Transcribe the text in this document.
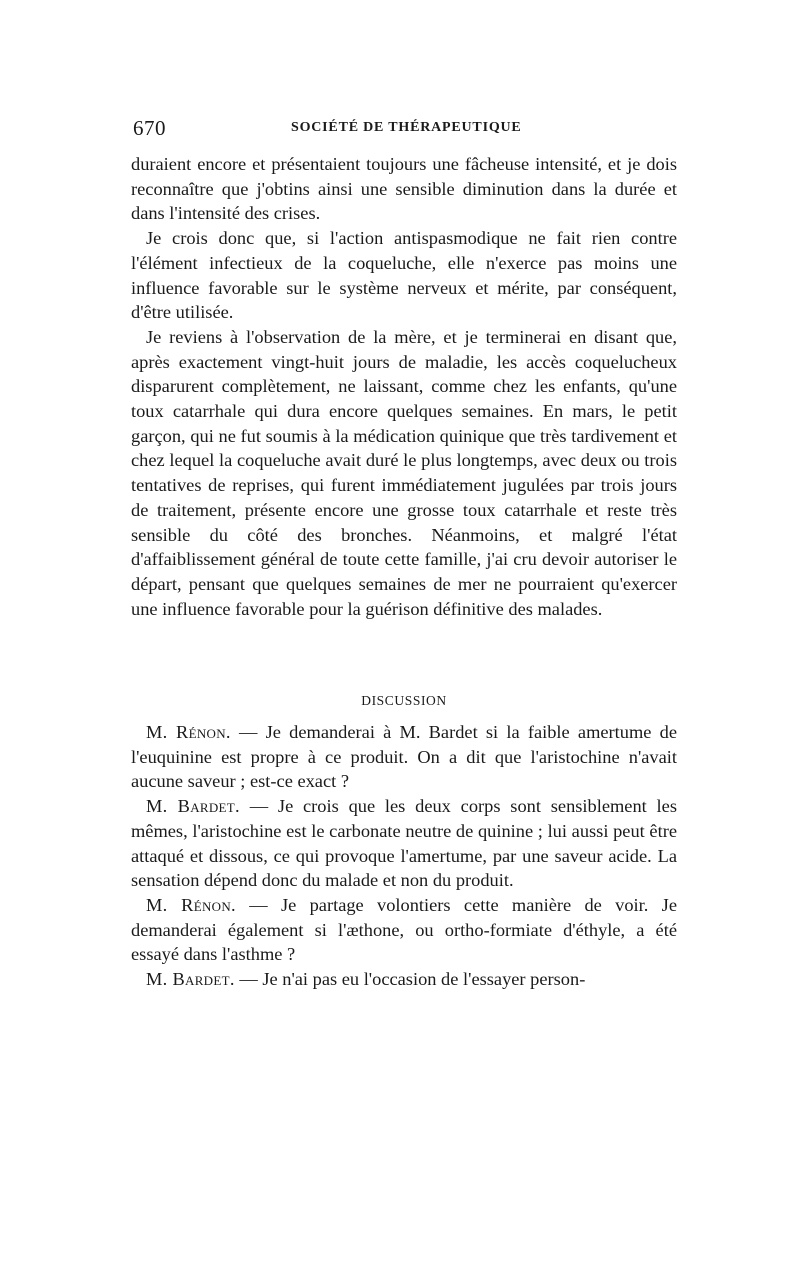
670	SOCIÉTÉ DE THÉRAPEUTIQUE

duraient encore et présentaient toujours une fâcheuse intensité, et je dois reconnaître que j'obtins ainsi une sensible diminution dans la durée et dans l'intensité des crises.

Je crois donc que, si l'action antispasmodique ne fait rien contre l'élément infectieux de la coqueluche, elle n'exerce pas moins une influence favorable sur le système nerveux et mérite, par conséquent, d'être utilisée.

Je reviens à l'observation de la mère, et je terminerai en disant que, après exactement vingt-huit jours de maladie, les accès coquelucheux disparurent complètement, ne laissant, comme chez les enfants, qu'une toux catarrhale qui dura encore quelques semaines. En mars, le petit garçon, qui ne fut soumis à la médication quinique que très tardivement et chez lequel la coqueluche avait duré le plus longtemps, avec deux ou trois tentatives de reprises, qui furent immédiatement jugulées par trois jours de traitement, présente encore une grosse toux catarrhale et reste très sensible du côté des bronches. Néanmoins, et malgré l'état d'affaiblissement général de toute cette famille, j'ai cru devoir autoriser le départ, pensant que quelques semaines de mer ne pourraient qu'exercer une influence favorable pour la guérison définitive des malades.

DISCUSSION

M. Rénon. — Je demanderai à M. Bardet si la faible amertume de l'euquinine est propre à ce produit. On a dit que l'aristochine n'avait aucune saveur ; est-ce exact ?

M. Bardet. — Je crois que les deux corps sont sensiblement les mêmes, l'aristochine est le carbonate neutre de quinine ; lui aussi peut être attaqué et dissous, ce qui provoque l'amertume, par une saveur acide. La sensation dépend donc du malade et non du produit.

M. Rénon. — Je partage volontiers cette manière de voir. Je demanderai également si l'æthone, ou ortho-formiate d'éthyle, a été essayé dans l'asthme ?

M. Bardet. — Je n'ai pas eu l'occasion de l'essayer person-
